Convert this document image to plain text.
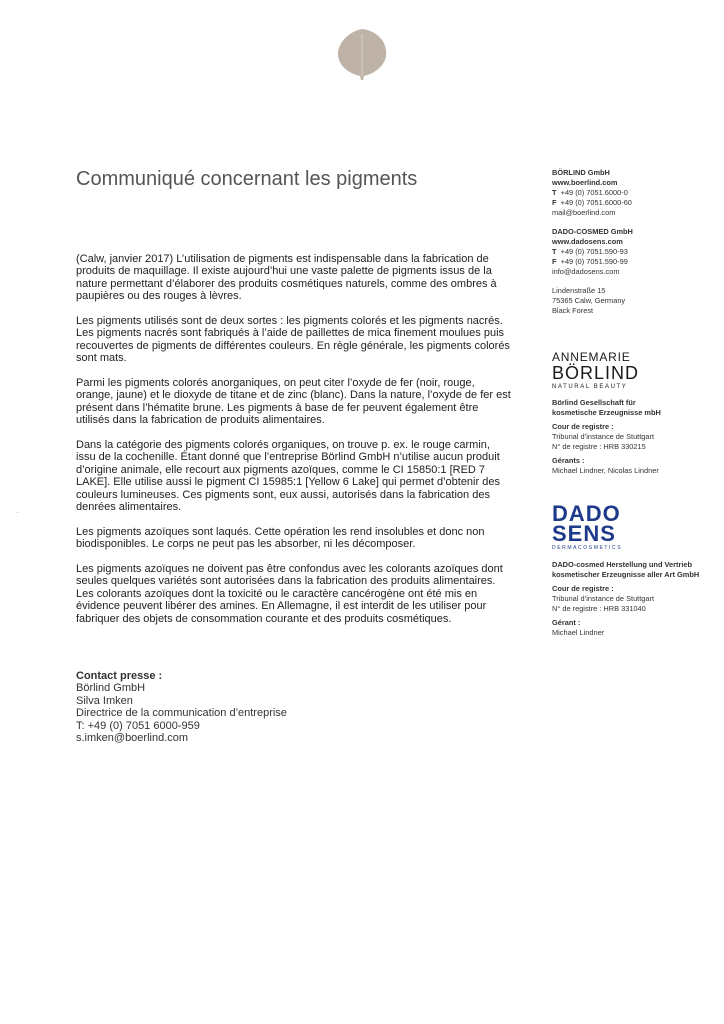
Communiqué concernant les pigments

(Calw, janvier 2017) L’utilisation de pigments est indispensable dans la fabrication de produits de maquillage. Il existe aujourd’hui une vaste palette de pigments issus de la nature permettant d’élaborer des produits cosmétiques naturels, comme des ombres à paupières ou des rouges à lèvres.

Les pigments utilisés sont de deux sortes : les pigments colorés et les pigments nacrés. Les pigments nacrés sont fabriqués à l’aide de paillettes de mica finement moulues puis recouvertes de pigments de différentes couleurs. En règle générale, les pigments colorés sont mats.

Parmi les pigments colorés anorganiques, on peut citer l’oxyde de fer (noir, rouge, orange, jaune) et le dioxyde de titane et de zinc (blanc). Dans la nature, l’oxyde de fer est présent dans l’hématite brune. Les pigments à base de fer peuvent également être utilisés dans la fabrication de produits alimentaires.

Dans la catégorie des pigments colorés organiques, on trouve p. ex. le rouge carmin, issu de la cochenille. Étant donné que l’entreprise Börlind GmbH n’utilise aucun produit d’origine animale, elle recourt aux pigments azoïques, comme le CI 15850:1 [RED 7 LAKE]. Elle utilise aussi le pigment CI 15985:1 [Yellow 6 Lake] qui permet d’obtenir des couleurs lumineuses. Ces pigments sont, eux aussi, autorisés dans la fabrication des denrées alimentaires.

Les pigments azoïques sont laqués. Cette opération les rend insolubles et donc non biodisponibles. Le corps ne peut pas les absorber, ni les décomposer.

Les pigments azoïques ne doivent pas être confondus avec les colorants azoïques dont seules quelques variétés sont autorisées dans la fabrication des produits alimentaires. Les colorants azoïques dont la toxicité ou le caractère cancérogène ont été mis en évidence peuvent libérer des amines. En Allemagne, il est interdit de les utiliser pour fabriquer des objets de consommation courante et des produits cosmétiques.

Contact presse :
Börlind GmbH
Silva Imken
Directrice de la communication d’entreprise
T: +49 (0) 7051 6000-959
s.imken@boerlind.com
BÖRLIND GmbH
www.boerlind.com
T +49 (0) 7051.6000-0
F +49 (0) 7051.6000-60
mail@boerlind.com
DADO-COSMED GmbH
www.dadosens.com
T +49 (0) 7051.590-93
F +49 (0) 7051.590-99
info@dadosens.com
Lindenstraße 15
75365 Calw, Germany
Black Forest
ANNEMARIE
BÖRLIND
NATURAL BEAUTY
Börlind Gesellschaft für
kosmetische Erzeugnisse mbH
Cour de registre :
Tribunal d’instance de Stuttgart
N° de registre : HRB 330215
Gérants :
Michael Lindner, Nicolas Lindner
DADO
SENS
DERMACOSMETICS
DADO-cosmed Herstellung und Vertrieb
kosmetischer Erzeugnisse aller Art GmbH
Cour de registre :
Tribunal d’instance de Stuttgart
N° de registre : HRB 331040
Gérant :
Michael Lindner
